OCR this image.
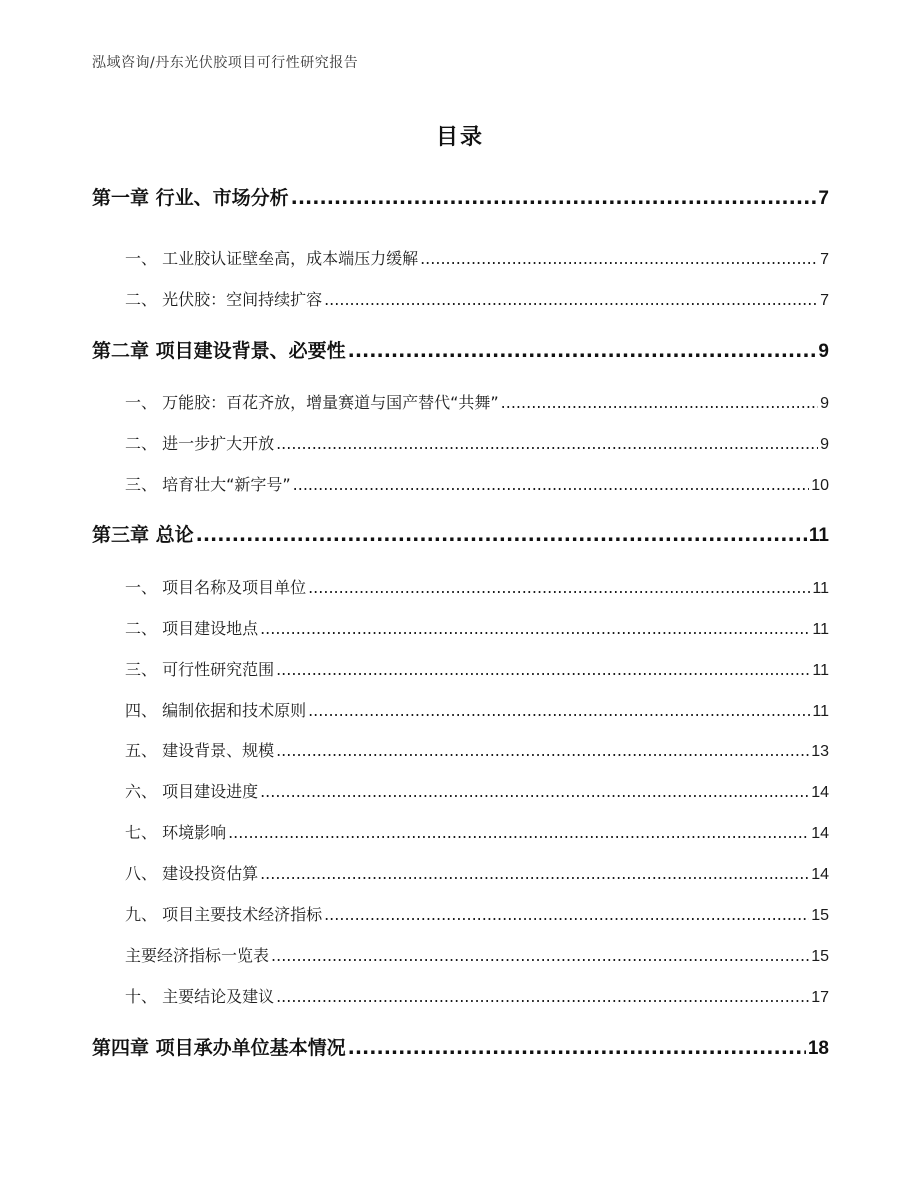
泓域咨询/丹东光伏胶项目可行性研究报告
目录
第一章 行业、市场分析 .....	7
一、 工业胶认证壁垒高，成本端压力缓解 .....	7
二、 光伏胶：空间持续扩容 .....	7
第二章 项目建设背景、必要性 .....	9
一、 万能胶：百花齐放，增量赛道与国产替代“共舞” .....	9
二、 进一步扩大开放 .....	9
三、 培育壮大“新字号” .....	10
第三章 总论 .....	11
一、 项目名称及项目单位 .....	11
二、 项目建设地点 .....	11
三、 可行性研究范围 .....	11
四、 编制依据和技术原则 .....	11
五、 建设背景、规模 .....	13
六、 项目建设进度 .....	14
七、 环境影响 .....	14
八、 建设投资估算 .....	14
九、 项目主要技术经济指标 .....	15
主要经济指标一览表 .....	15
十、 主要结论及建议 .....	17
第四章 项目承办单位基本情况 .....	18
